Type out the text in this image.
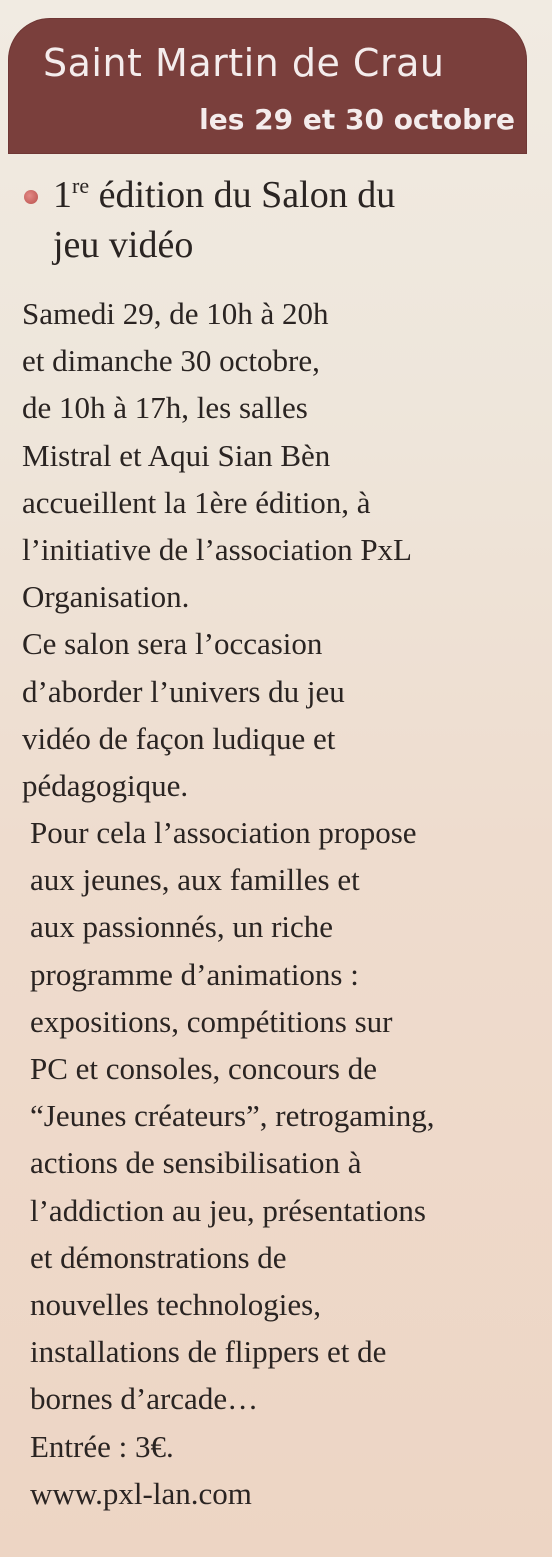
Saint Martin de Crau
les 29 et 30 octobre
1re édition du Salon du
jeu vidéo
Samedi 29, de 10h à 20h
et dimanche 30 octobre,
de 10h à 17h, les salles
Mistral et Aqui Sian Bèn
accueillent la 1ère édition, à
l’initiative de l’association PxL
Organisation.
Ce salon sera l’occasion
d’aborder l’univers du jeu
vidéo de façon ludique et
pédagogique.
Pour cela l’association propose
aux jeunes, aux familles et
aux passionnés, un riche
programme d’animations :
expositions, compétitions sur
PC et consoles, concours de
“Jeunes créateurs”, retrogaming,
actions de sensibilisation à
l’addiction au jeu, présentations
et démonstrations de
nouvelles technologies,
installations de flippers et de
bornes d’arcade…
Entrée : 3€.
www.pxl-lan.com
